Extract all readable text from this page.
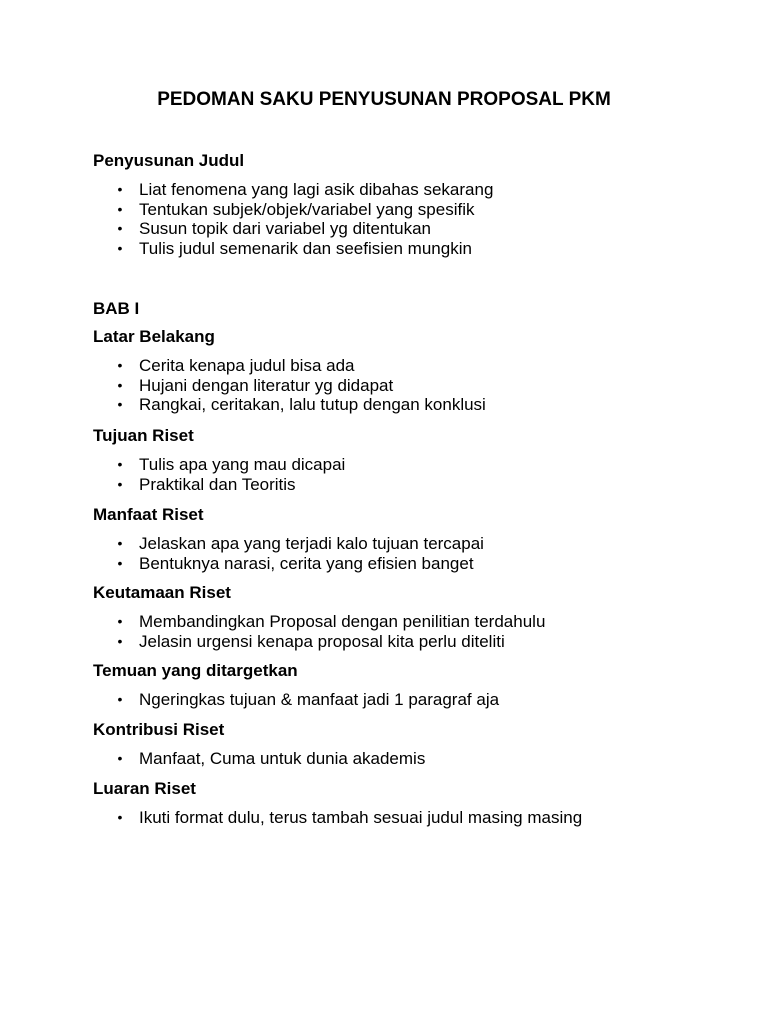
PEDOMAN SAKU PENYUSUNAN PROPOSAL PKM
Penyusunan Judul
• Liat fenomena yang lagi asik dibahas sekarang
• Tentukan subjek/objek/variabel yang spesifik
• Susun topik dari variabel yg ditentukan
• Tulis judul semenarik dan seefisien mungkin
BAB I
Latar Belakang
• Cerita kenapa judul bisa ada
• Hujani dengan literatur yg didapat
• Rangkai, ceritakan, lalu tutup dengan konklusi
Tujuan Riset
• Tulis apa yang mau dicapai
• Praktikal dan Teoritis
Manfaat Riset
• Jelaskan apa yang terjadi kalo tujuan tercapai
• Bentuknya narasi, cerita yang efisien banget
Keutamaan Riset
• Membandingkan Proposal dengan penilitian terdahulu
• Jelasin urgensi kenapa proposal kita perlu diteliti
Temuan yang ditargetkan
• Ngeringkas tujuan & manfaat jadi 1 paragraf aja
Kontribusi Riset
• Manfaat, Cuma untuk dunia akademis
Luaran Riset
• Ikuti format dulu, terus tambah sesuai judul masing masing
